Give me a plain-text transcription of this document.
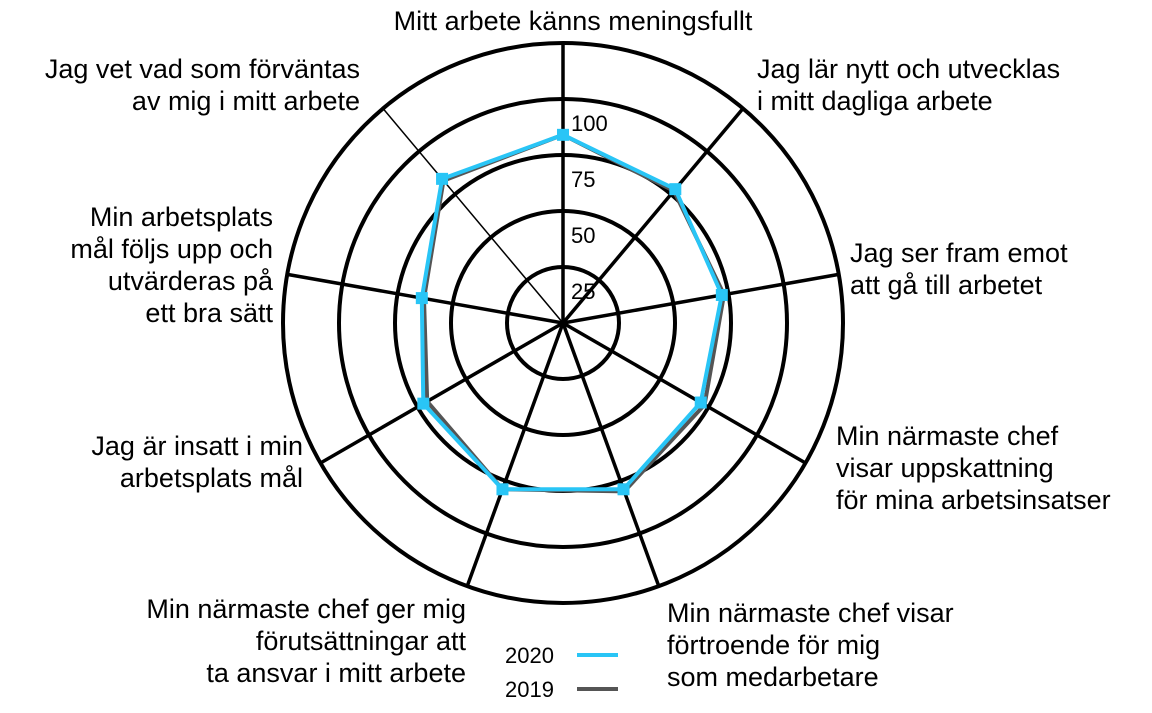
25
50
75
100
Mitt arbete känns meningsfullt
Jag lär nytt och utvecklas i mitt dagliga arbete
Jag ser fram emot att gå till arbetet
Min närmaste chef visar uppskattning för mina arbetsinsatser
Min närmaste chef visar förtroende för mig som medarbetare
Min närmaste chef ger mig förutsättningar att ta ansvar i mitt arbete
Jag är insatt i min arbetsplats mål
Min arbetsplats mål följs upp och utvärderas på ett bra sätt
Jag vet vad som förväntas av mig i mitt arbete
2020
2019
